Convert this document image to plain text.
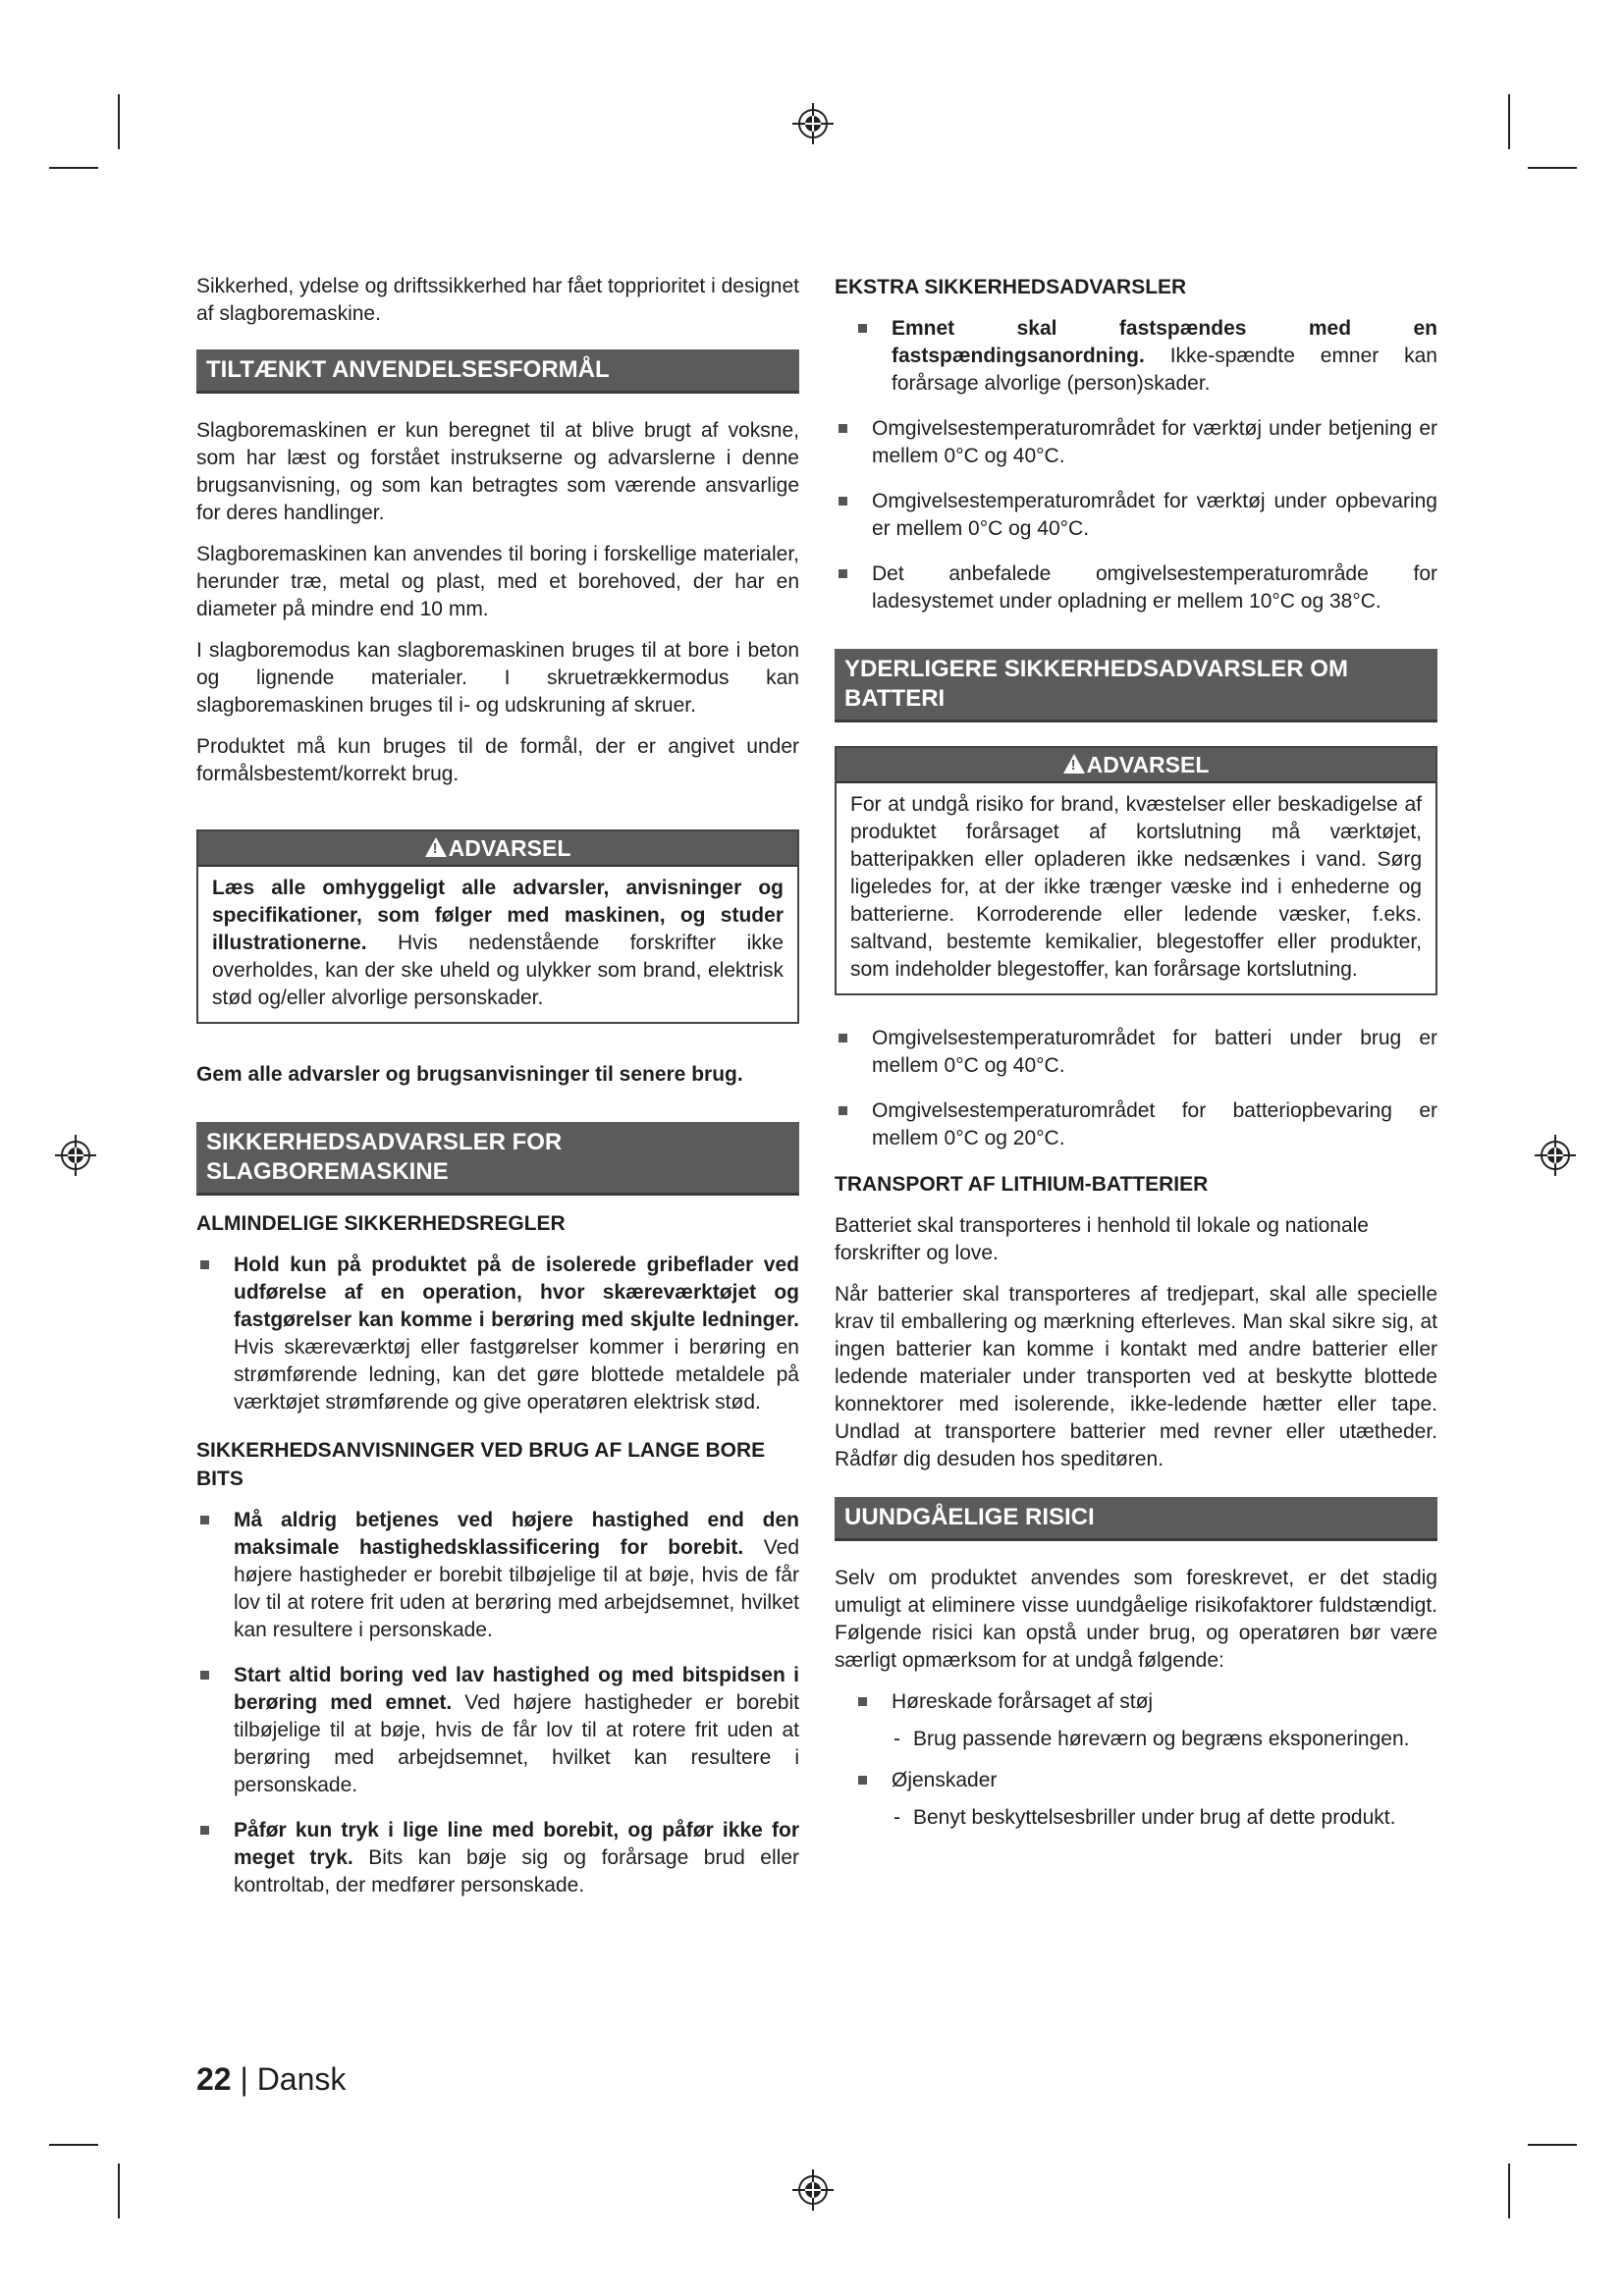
Sikkerhed, ydelse og driftssikkerhed har fået topprioritet i designet af slagboremaskine.

TILTÆNKT ANVENDELSESFORMÅL

Slagboremaskinen er kun beregnet til at blive brugt af voksne, som har læst og forstået instrukserne og advarslerne i denne brugsanvisning, og som kan betragtes som værende ansvarlige for deres handlinger.

Slagboremaskinen kan anvendes til boring i forskellige materialer, herunder træ, metal og plast, med et borehoved, der har en diameter på mindre end 10 mm.

I slagboremodus kan slagboremaskinen bruges til at bore i beton og lignende materialer. I skruetrækkermodus kan slagboremaskinen bruges til i- og udskruning af skruer.

Produktet må kun bruges til de formål, der er angivet under formålsbestemt/korrekt brug.

!ADVARSEL
Læs alle omhyggeligt alle advarsler, anvisninger og specifikationer, som følger med maskinen, og studer illustrationerne. Hvis nedenstående forskrifter ikke overholdes, kan der ske uheld og ulykker som brand, elektrisk stød og/eller alvorlige personskader.

Gem alle advarsler og brugsanvisninger til senere brug.

SIKKERHEDSADVARSLER FOR SLAGBOREMASKINE
ALMINDELIGE SIKKERHEDSREGLER
Hold kun på produktet på de isolerede gribeflader ved udførelse af en operation, hvor skæreværktøjet og fastgørelser kan komme i berøring med skjulte ledninger. Hvis skæreværktøj eller fastgørelser kommer i berøring en strømførende ledning, kan det gøre blottede metaldele på værktøjet strømførende og give operatøren elektrisk stød.
SIKKERHEDSANVISNINGER VED BRUG AF LANGE BORE BITS
Må aldrig betjenes ved højere hastighed end den maksimale hastighedsklassificering for borebit. Ved højere hastigheder er borebit tilbøjelige til at bøje, hvis de får lov til at rotere frit uden at berøring med arbejdsemnet, hvilket kan resultere i personskade.
Start altid boring ved lav hastighed og med bitspidsen i berøring med emnet. Ved højere hastigheder er borebit tilbøjelige til at bøje, hvis de får lov til at rotere frit uden at berøring med arbejdsemnet, hvilket kan resultere i personskade.
Påfør kun tryk i lige line med borebit, og påfør ikke for meget tryk. Bits kan bøje sig og forårsage brud eller kontroltab, der medfører personskade.
EKSTRA SIKKERHEDSADVARSLER
Emnet skal fastspændes med en fastspændingsanordning. Ikke-spændte emner kan forårsage alvorlige (person)skader.
Omgivelsestemperaturområdet for værktøj under betjening er mellem 0°C og 40°C.
Omgivelsestemperaturområdet for værktøj under opbevaring er mellem 0°C og 40°C.
Det anbefalede omgivelsestemperaturområde for ladesystemet under opladning er mellem 10°C og 38°C.
YDERLIGERE SIKKERHEDSADVARSLER OM BATTERI
!ADVARSEL
For at undgå risiko for brand, kvæstelser eller beskadigelse af produktet forårsaget af kortslutning må værktøjet, batteripakken eller opladeren ikke nedsænkes i vand. Sørg ligeledes for, at der ikke trænger væske ind i enhederne og batterierne. Korroderende eller ledende væsker, f.eks. saltvand, bestemte kemikalier, blegestoffer eller produkter, som indeholder blegestoffer, kan forårsage kortslutning.
Omgivelsestemperaturområdet for batteri under brug er mellem 0°C og 40°C.
Omgivelsestemperaturområdet for batteriopbevaring er mellem 0°C og 20°C.
TRANSPORT AF LITHIUM-BATTERIER

Batteriet skal transporteres i henhold til lokale og nationale forskrifter og love.

Når batterier skal transporteres af tredjepart, skal alle specielle krav til emballering og mærkning efterleves. Man skal sikre sig, at ingen batterier kan komme i kontakt med andre batterier eller ledende materialer under transporten ved at beskytte blottede konnektorer med isolerende, ikke-ledende hætter eller tape. Undlad at transportere batterier med revner eller utætheder. Rådfør dig desuden hos speditøren.

UUNDGÅELIGE RISICI

Selv om produktet anvendes som foreskrevet, er det stadig umuligt at eliminere visse uundgåelige risikofaktorer fuldstændigt. Følgende risici kan opstå under brug, og operatøren bør være særligt opmærksom for at undgå følgende:

Høreskade forårsaget af støj
- Brug passende høreværn og begræns eksponeringen.
Øjenskader
- Benyt beskyttelsesbriller under brug af dette produkt.
22 | Dansk
